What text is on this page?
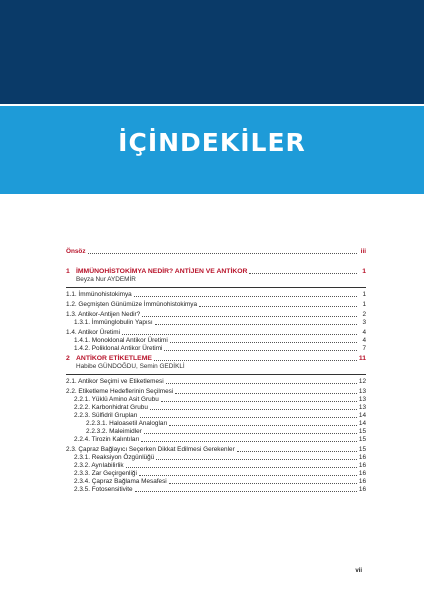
İÇİNDEKİLER
Önsöz	iii
1 İMMÜNOHİSTOKİMYA NEDİR? ANTİJEN VE ANTİKOR	1
Beyza Nur AYDEMİR
1.1. İmmünohistokimya	1
1.2. Geçmişten Günümüze İmmünohistokimya	1
1.3. Antikor-Antijen Nedir?	2
1.3.1. İmmünglobulin Yapısı	3
1.4. Antikor Üretimi	4
1.4.1. Monoklonal Antikor Üretimi	4
1.4.2. Poliklonal Antikor Üretimi	7
2 ANTİKOR ETİKETLEME	11
Habibe GÜNDOĞDU, Semin GEDİKLİ
2.1. Antikor Seçimi ve Etiketlemesi	12
2.2. Etiketleme Hedeflerinin Seçilmesi	13
2.2.1. Yüklü Amino Asit Grubu	13
2.2.2. Karbonhidrat Grubu	13
2.2.3. Sülfidril Grupları	14
2.2.3.1. Haloasetil Analogları	14
2.2.3.2. Maleimidler	15
2.2.4. Tirozin Kalıntıları	15
2.3. Çapraz Bağlayıcı Seçerken Dikkat Edilmesi Gerekenler	15
2.3.1. Reaksiyon Özgünlüğü	16
2.3.2. Ayrılabilirlik	16
2.3.3. Zar Geçirgenliği	16
2.3.4. Çapraz Bağlama Mesafesi	16
2.3.5. Fotosensitivite	16
vii
